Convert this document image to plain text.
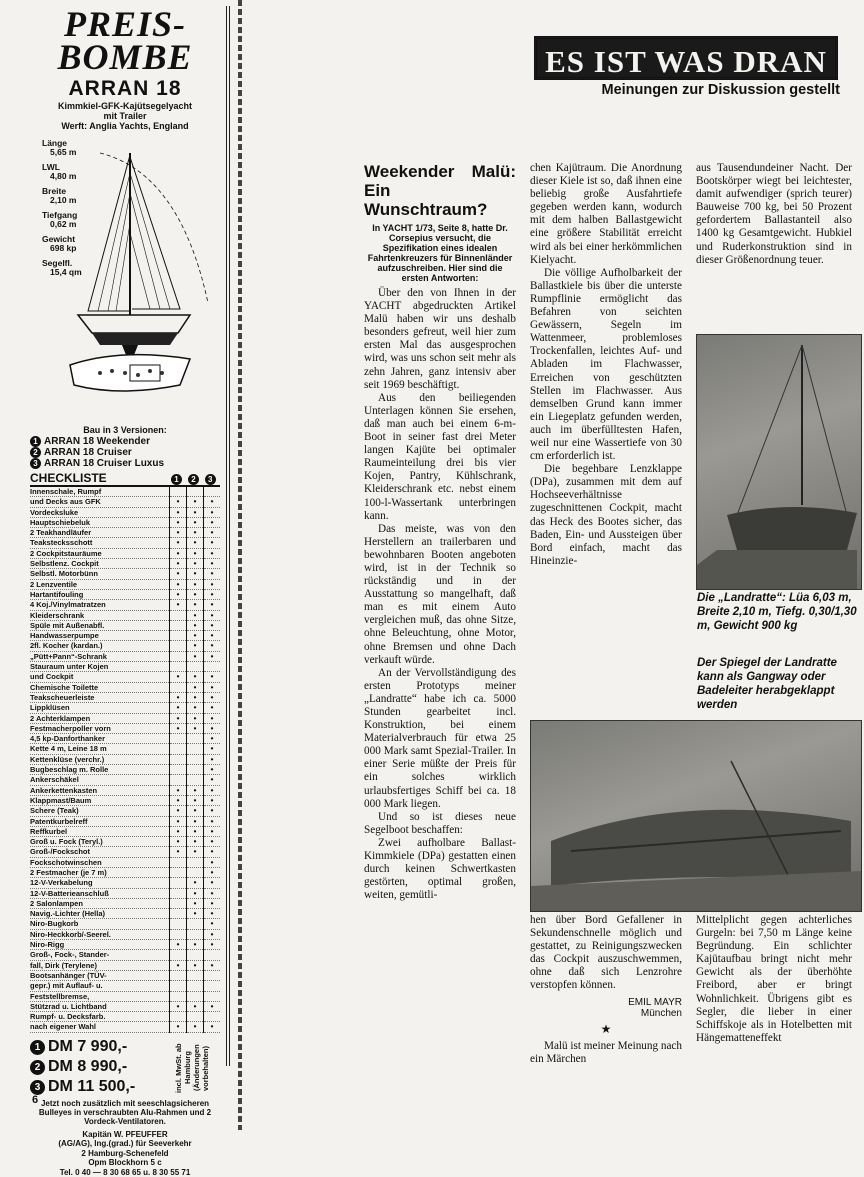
PREIS-
BOMBE
ARRAN 18
Kimmkiel-GFK-Kajütsegelyacht
mit Trailer
Werft: Anglia Yachts, England
Länge
5,65 m
LWL
4,80 m
Breite
2,10 m
Tiefgang
0,62 m
Gewicht
698 kp
Segelfl.
15,4 qm
Bau in 3 Versionen:
1 ARRAN 18 Weekender
2 ARRAN 18 Cruiser
3 ARRAN 18 Cruiser Luxus
CHECKLISTE	1	2	3
Innenschale, Rumpf			
und Decks aus GFK	•	•	•
Vordecksluke	•	•	•
Hauptschiebeluk	•	•	•
2 Teakhandläufer	•	•	•
Teakstecksschott	•	•	•
2 Cockpitstauräume	•	•	•
Selbstlenz. Cockpit	•	•	•
Selbstl. Motorbünn	•	•	•
2 Lenzventile	•	•	•
Hartantifouling	•	•	•
4 Koj./Vinylmatratzen	•	•	•
Kleiderschrank		•	•
Spüle mit Außenabfl.		•	•
Handwasserpumpe		•	•
2fl. Kocher (kardan.)		•	•
„Pütt+Pann“-Schrank		•	•
Stauraum unter Kojen			
und Cockpit	•	•	•
Chemische Toilette		•	•
Teakscheuerleiste	•	•	•
Lippklüsen	•	•	•
2 Achterklampen	•	•	•
Festmacherpoller vorn	•	•	•
4,5 kp-Danforthanker			•
Kette 4 m, Leine 18 m			•
Kettenklüse (verchr.)			•
Bugbeschlag m. Rolle			•
Ankerschäkel			•
Ankerkettenkasten	•	•	•
Klappmast/Baum	•	•	•
Schere (Teak)	•	•	•
Patentkurbelreff	•	•	•
Reffkurbel	•	•	•
Groß u. Fock (Teryl.)	•	•	•
Groß-/Fockschot	•	•	•
Fockschotwinschen			•
2 Festmacher (je 7 m)			•
12-V-Verkabelung		•	•
12-V-Batterieanschluß		•	•
2 Salonlampen		•	•
Navig.-Lichter (Hella)		•	•
Niro-Bugkorb			•
Niro-Heckkorb/-Seerel.			•
Niro-Rigg	•	•	•
Groß-, Fock-, Stander-			
fall, Dirk (Terylene)	•	•	•
Bootsanhänger (TÜV-			
gepr.) mit Auflauf- u.			
Feststellbremse,			
Stützrad u. Lichtband	•	•	•
Rumpf- u. Decksfarb.			
nach eigener Wahl	•	•	•
1 DM 7 990,-
2 DM 8 990,-
3 DM 11 500,-	incl. MwSt. ab Hamburg (Änderungen vorbehalten)
Jetzt noch zusätzlich mit seeschlagsicheren Bulleyes in verschraubten Alu-Rahmen und 2 Vordeck-Ventilatoren.
Kapitän W. PFEUFFER
(AG/AG), Ing.(grad.) für Seeverkehr
2 Hamburg-Schenefeld
Opm Blockhorn 5 c
Tel. 0 40 — 8 30 68 65 u. 8 30 55 71
6
ES IST WAS DRAN
Meinungen zur Diskussion gestellt
Weekender Malü: Ein Wunschtraum?
In YACHT 1/73, Seite 8, hatte Dr. Corsepius versucht, die Spezifikation eines idealen Fahrtenkreuzers für Binnenländer aufzuschreiben. Hier sind die ersten Antworten:

Über den von Ihnen in der YACHT abgedruckten Artikel Malü haben wir uns deshalb besonders gefreut, weil hier zum ersten Mal das ausgesprochen wird, was uns schon seit mehr als zehn Jahren, ganz intensiv aber seit 1969 beschäftigt.

Aus den beiliegenden Unterlagen können Sie ersehen, daß man auch bei einem 6-m-Boot in seiner fast drei Meter langen Kajüte bei optimaler Raumeinteilung drei bis vier Kojen, Pantry, Kühlschrank, Kleiderschrank etc. nebst einem 100-l-Wassertank unterbringen kann.

Das meiste, was von den Herstellern an trailerbaren und bewohnbaren Booten angeboten wird, ist in der Technik so rückständig und in der Ausstattung so mangelhaft, daß man es mit einem Auto vergleichen muß, das ohne Sitze, ohne Beleuchtung, ohne Motor, ohne Bremsen und ohne Dach verkauft würde.

An der Vervollständigung des ersten Prototyps meiner „Landratte“ habe ich ca. 5000 Stunden gearbeitet incl. Konstruktion, bei einem Materialverbrauch für etwa 25 000 Mark samt Spezial-Trailer. In einer Serie müßte der Preis für ein solches wirklich urlaubsfertiges Schiff bei ca. 18 000 Mark liegen.

Und so ist dieses neue Segelboot beschaffen:

Zwei aufholbare Ballast-Kimmkiele (DPa) gestatten einen durch keinen Schwertkasten gestörten, optimal großen, weiten, gemütli-

chen Kajütraum. Die Anordnung dieser Kiele ist so, daß ihnen eine beliebig große Ausfahrtiefe gegeben werden kann, wodurch mit dem halben Ballastgewicht eine größere Stabilität erreicht wird als bei einer herkömmlichen Kielyacht.

Die völlige Aufholbarkeit der Ballastkiele bis über die unterste Rumpflinie ermöglicht das Befahren von seichten Gewässern, Segeln im Wattenmeer, problemloses Trockenfallen, leichtes Auf- und Abladen im Flachwasser, Erreichen von geschützten Stellen im Flachwasser. Aus demselben Grund kann immer ein Liegeplatz gefunden werden, auch im überfülltesten Hafen, weil nur eine Wassertiefe von 30 cm erforderlich ist.

Die begehbare Lenzklappe (DPa), zusammen mit dem auf Hochseeverhältnisse zugeschnittenen Cockpit, macht das Heck des Bootes sicher, das Baden, Ein- und Aussteigen über Bord einfach, macht das Hineinzie-

aus Tausendundeiner Nacht. Der Bootskörper wiegt bei leichtester, damit aufwendiger (sprich teurer) Bauweise 700 kg, bei 50 Prozent gefordertem Ballastanteil also 1400 kg Gesamtgewicht. Hubkiel und Ruderkonstruktion sind in dieser Größenordnung teuer.

Die „Landratte“: Lüa 6,03 m, Breite 2,10 m, Tiefg. 0,30/1,30 m, Gewicht 900 kg
Der Spiegel der Landratte kann als Gangway oder Badeleiter herabgeklappt werden

hen über Bord Gefallener in Sekundenschnelle möglich und gestattet, zu Reinigungszwecken das Cockpit auszuschwemmen, ohne daß sich Lenzrohre verstopfen können.

EMIL MAYR
München
★

Malü ist meiner Meinung nach ein Märchen

Mittelplicht gegen achterliches Gurgeln: bei 7,50 m Länge keine Begründung. Ein schlichter Kajütaufbau bringt nicht mehr Gewicht als der überhöhte Freibord, aber er bringt Wohnlichkeit. Übrigens gibt es Segler, die lieber in einer Schiffskoje als in Hotelbetten mit Hängematteneffekt
